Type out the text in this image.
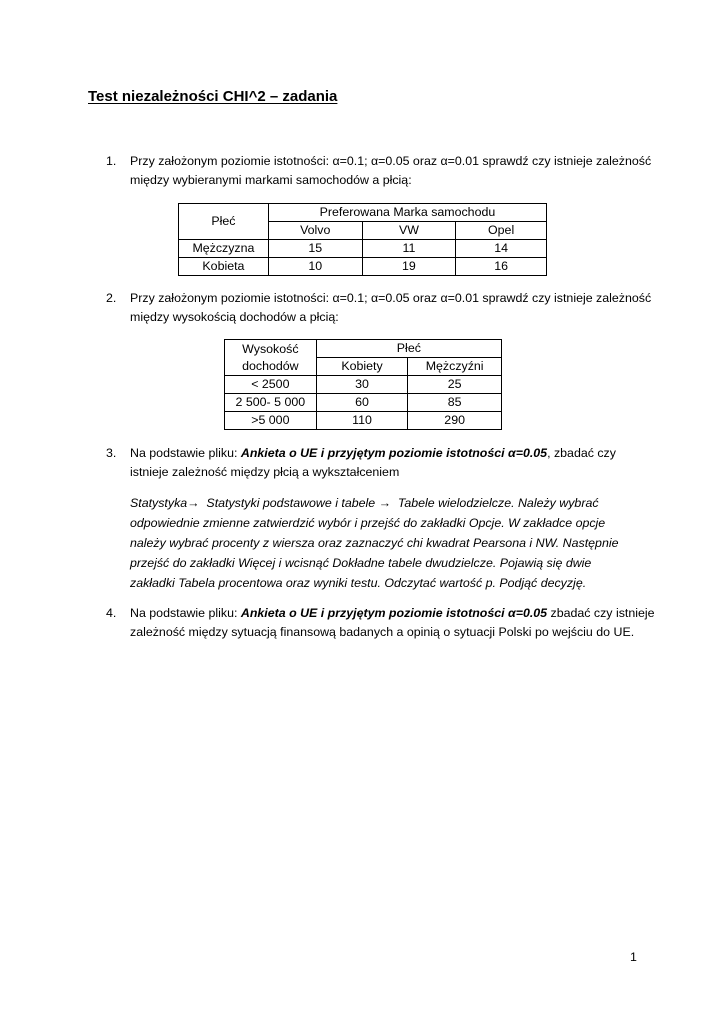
Test niezależności CHI^2 – zadania
1. Przy założonym poziomie istotności: α=0.1; α=0.05 oraz α=0.01 sprawdź czy istnieje zależność
między wybieranymi markami samochodów a płcią:
Płeć	Preferowana Marka samochodu		
	Volvo	VW	Opel
Mężczyzna	15	11	14
Kobieta	10	19	16
2. Przy założonym poziomie istotności: α=0.1; α=0.05 oraz α=0.01 sprawdź czy istnieje zależność
między wysokością dochodów a płcią:
Wysokość
dochodów	Płeć	
	Kobiety	Mężczyźni
< 2500	30	25
2 500- 5 000	60	85
>5 000	110	290
3. Na podstawie pliku: Ankieta o UE i przyjętym poziomie istotności α=0.05, zbadać czy
istnieje zależność między płcią a wykształceniem
Statystyka→  Statystyki podstawowe i tabele →  Tabele wielodzielcze. Należy wybrać
odpowiednie zmienne zatwierdzić wybór i przejść do zakładki Opcje. W zakładce opcje
należy wybrać procenty z wiersza oraz zaznaczyć chi kwadrat Pearsona i NW. Następnie
przejść do zakładki Więcej i wcisnąć Dokładne tabele dwudzielcze. Pojawią się dwie
zakładki Tabela procentowa oraz wyniki testu. Odczytać wartość p. Podjąć decyzję.
4. Na podstawie pliku: Ankieta o UE i przyjętym poziomie istotności α=0.05 zbadać czy istnieje
zależność między sytuacją finansową badanych a opinią o sytuacji Polski po wejściu do UE.
1
